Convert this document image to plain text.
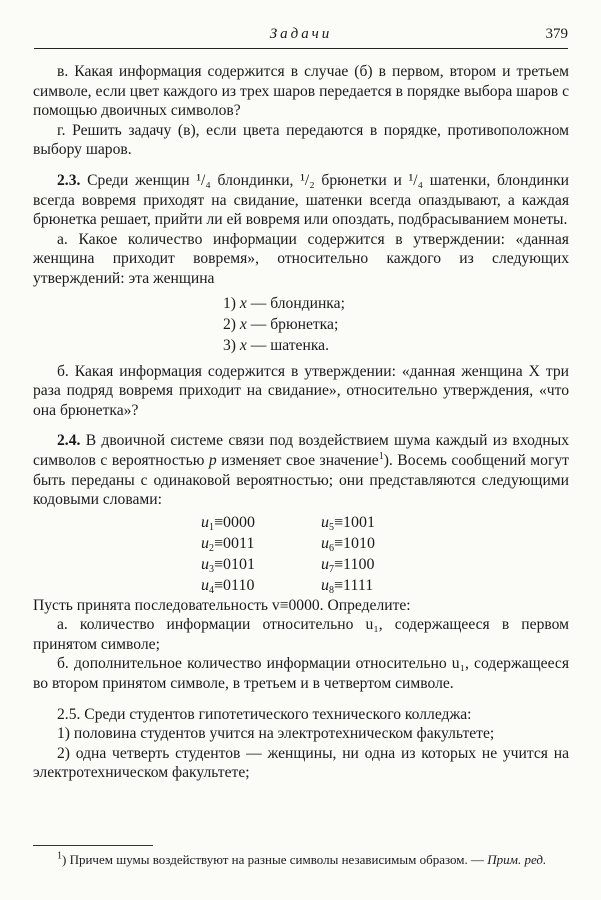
Задачи	379

в. Какая информация содержится в случае (б) в первом, втором и третьем символе, если цвет каждого из трех шаров передается в порядке выбора шаров с помощью двоичных символов?

г. Решить задачу (в), если цвета передаются в порядке, противоположном выбору шаров.

2.3. Среди женщин ¹/₄ блондинки, ¹/₂ брюнетки и ¹/₄ шатенки, блондинки всегда вовремя приходят на свидание, шатенки всегда опаздывают, а каждая брюнетка решает, прийти ли ей вовремя или опоздать, подбрасыванием монеты.

а. Какое количество информации содержится в утверждении: «данная женщина приходит вовремя», относительно каждого из следующих утверждений: эта женщина

1) x — блондинка;
2) x — брюнетка;
3) x — шатенка.

б. Какая информация содержится в утверждении: «данная женщина X три раза подряд вовремя приходит на свидание», относительно утверждения, «что она брюнетка»?

2.4. В двоичной системе связи под воздействием шума каждый из входных символов с вероятностью p изменяет свое значение$^1$). Восемь сообщений могут быть переданы с одинаковой вероятностью; они представляются следующими кодовыми словами:

$u_1\equiv 0000$	$u_5\equiv 1001$
$u_2\equiv 0011$	$u_6\equiv 1010$
$u_3\equiv 0101$	$u_7\equiv 1100$
$u_4\equiv 0110$	$u_8\equiv 1111$

Пусть принята последовательность v≡0000. Определите:

а. количество информации относительно u₁, содержащееся в первом принятом символе;

б. дополнительное количество информации относительно u₁, содержащееся во втором принятом символе, в третьем и в четвертом символе.

2.5. Среди студентов гипотетического технического колледжа:

1) половина студентов учится на электротехническом факультете;

2) одна четверть студентов — женщины, ни одна из которых не учится на электротехническом факультете;

$^1$) Причем шумы воздействуют на разные символы независимым образом. — Прим. ред.
